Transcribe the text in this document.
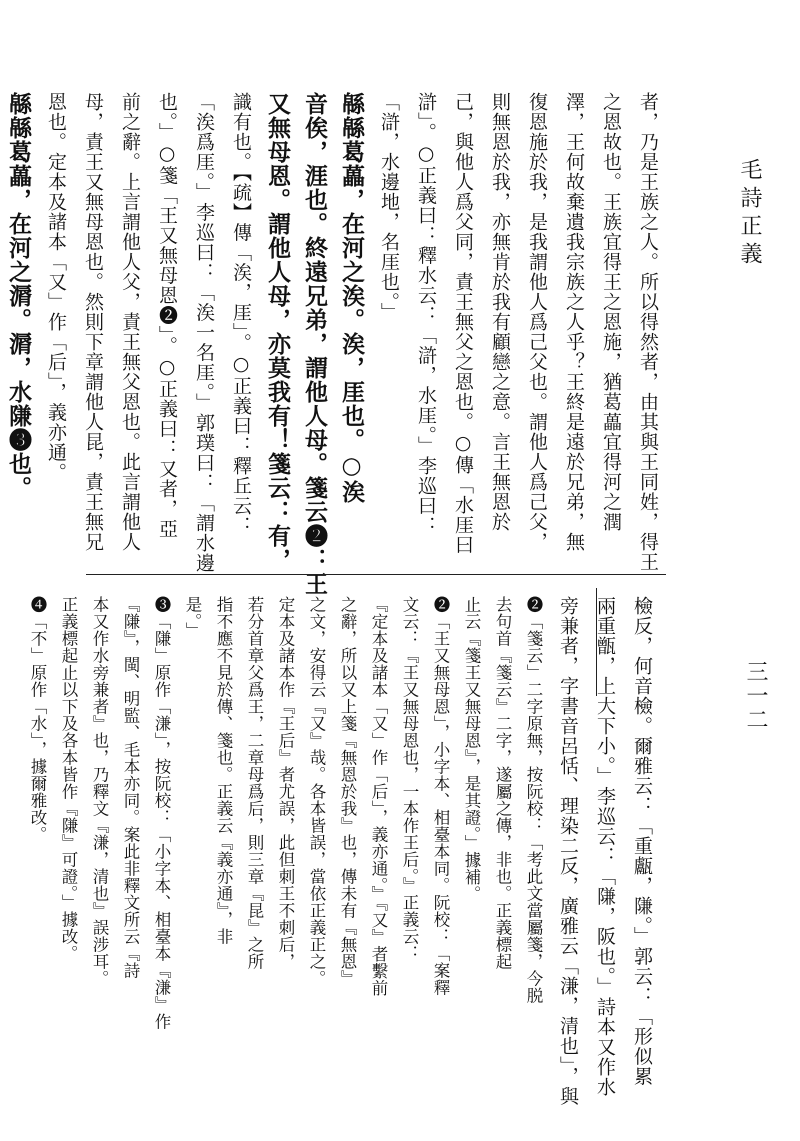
毛詩正義
三一二
者，乃是王族之人。所以得然者，由其與王同姓，得王
之恩故也。王族宜得王之恩施，猶葛藟宜得河之潤
澤，王何故棄遺我宗族之人乎？王終是遠於兄弟，無
復恩施於我，是我謂他人爲己父也。謂他人爲己父，
則無恩於我，亦無肯於我有顧戀之意。言王無恩於
己，與他人爲父同，責王無父之恩也。○傳「水厓曰
滸」。○正義曰：釋水云：「滸，水厓。」李巡曰：
「滸，水邊地，名厓也。」
緜緜葛藟，在河之涘。涘，厓也。○涘
音俟，涯也。終遠兄弟，謂他人母。箋云❷：王
又無母恩。謂他人母，亦莫我有！箋云：有，
識有也。【疏】傳「涘，厓」。○正義曰：釋丘云：
「涘爲厓。」李巡曰：「涘一名厓。」郭璞曰：「謂水邊
也。」○箋「王又無母恩❷」。○正義曰：又者，亞
前之辭。上言謂他人父，責王無父恩也。此言謂他人
母，責王又無母恩也。然則下章謂他人昆，責王無兄
恩也。定本及諸本「又」作「后」，義亦通。
緜緜葛藟，在河之漘。漘，水隒❸也。
檢反，何音檢。爾雅云：「重甗，隒。」郭云：「形似累
兩重甑，上大下小。」李巡云：「隒，阪也。」詩本又作水
旁兼者，字書音呂恬、理染二反，廣雅云「溓，清也」，與
❷「箋云」二字原無，按阮校：「考此文當屬箋，今脱
去句首『箋云』二字，遂屬之傳，非也。正義標起
止云『箋王又無母恩』，是其證。」據補。
❷「王又無母恩」，小字本、相臺本同。阮校：「案釋
文云：『王又無母恩也，一本作王后。』正義云：
『定本及諸本「又」作「后」，義亦通。』『又』者繫前
之辭，所以又上箋『無恩於我』也，傳未有『無恩』
之文，安得云『又』哉。各本皆誤，當依正義正之。
定本及諸本作『王后』者尤誤，此但刺王不刺后，
若分首章父爲王，二章母爲后，則三章『昆』之所
指不應不見於傳、箋也。正義云『義亦通』，非
是。」
❸「隒」原作「溓」，按阮校：「小字本、相臺本『溓』作
『隒』，閩、明監、毛本亦同。案此非釋文所云『詩
本又作水旁兼者』也，乃釋文『溓，清也』誤涉耳。
正義標起止以下及各本皆作『隒』可證。」據改。
❹「不」原作「水」，據爾雅改。
